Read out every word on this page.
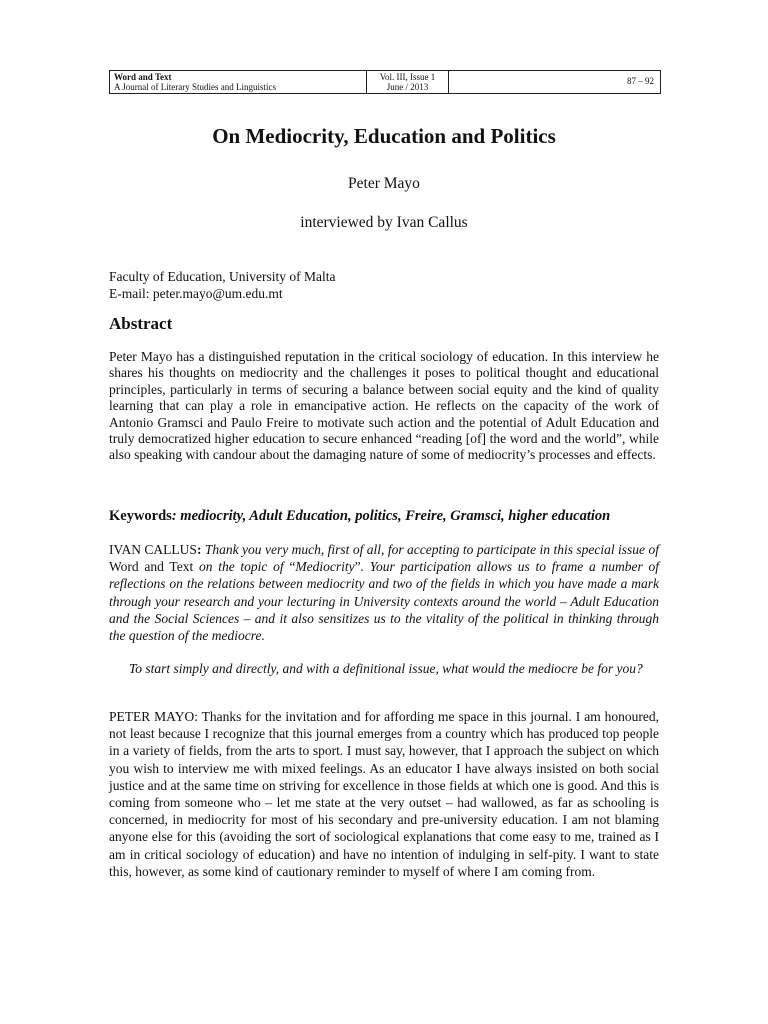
Word and Text
A Journal of Literary Studies and Linguistics
Vol. III, Issue 1
June / 2013
87 – 92
On Mediocrity, Education and Politics
Peter Mayo
interviewed by Ivan Callus
Faculty of Education, University of Malta
E-mail: peter.mayo@um.edu.mt
Abstract
Peter Mayo has a distinguished reputation in the critical sociology of education. In this interview he shares his thoughts on mediocrity and the challenges it poses to political thought and educational principles, particularly in terms of securing a balance between social equity and the kind of quality learning that can play a role in emancipative action. He reflects on the capacity of the work of Antonio Gramsci and Paulo Freire to motivate such action and the potential of Adult Education and truly democratized higher education to secure enhanced “reading [of] the word and the world”, while also speaking with candour about the damaging nature of some of mediocrity’s processes and effects.
Keywords: mediocrity, Adult Education, politics, Freire, Gramsci, higher education
IVAN CALLUS: Thank you very much, first of all, for accepting to participate in this special issue of Word and Text on the topic of “Mediocrity”. Your participation allows us to frame a number of reflections on the relations between mediocrity and two of the fields in which you have made a mark through your research and your lecturing in University contexts around the world – Adult Education and the Social Sciences – and it also sensitizes us to the vitality of the political in thinking through the question of the mediocre.
To start simply and directly, and with a definitional issue, what would the mediocre be for you?
PETER MAYO: Thanks for the invitation and for affording me space in this journal. I am honoured, not least because I recognize that this journal emerges from a country which has produced top people in a variety of fields, from the arts to sport. I must say, however, that I approach the subject on which you wish to interview me with mixed feelings. As an educator I have always insisted on both social justice and at the same time on striving for excellence in those fields at which one is good. And this is coming from someone who – let me state at the very outset – had wallowed, as far as schooling is concerned, in mediocrity for most of his secondary and pre-university education. I am not blaming anyone else for this (avoiding the sort of sociological explanations that come easy to me, trained as I am in critical sociology of education) and have no intention of indulging in self-pity. I want to state this, however, as some kind of cautionary reminder to myself of where I am coming from.
